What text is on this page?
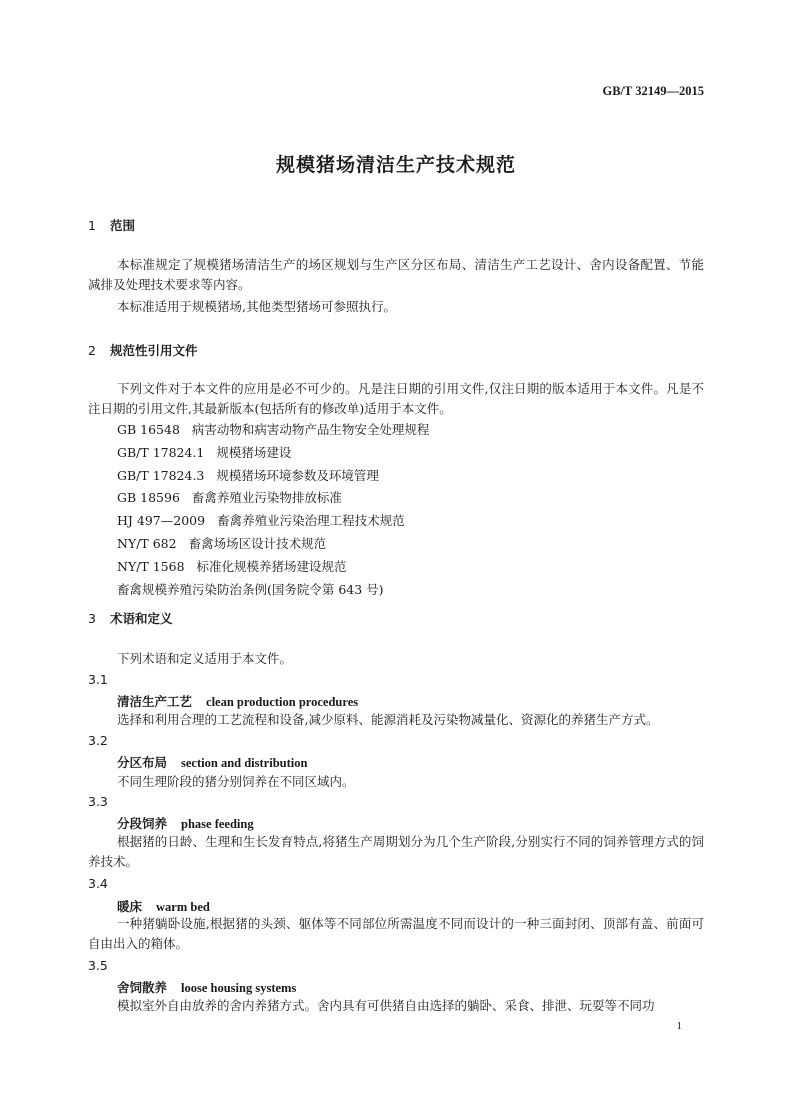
GB/T 32149—2015
规模猪场清洁生产技术规范
1 范围
本标准规定了规模猪场清洁生产的场区规划与生产区分区布局、清洁生产工艺设计、舍内设备配置、节能减排及处理技术要求等内容。
本标准适用于规模猪场,其他类型猪场可参照执行。
2 规范性引用文件
下列文件对于本文件的应用是必不可少的。凡是注日期的引用文件,仅注日期的版本适用于本文件。凡是不注日期的引用文件,其最新版本(包括所有的修改单)适用于本文件。
GB 16548 病害动物和病害动物产品生物安全处理规程
GB/T 17824.1 规模猪场建设
GB/T 17824.3 规模猪场环境参数及环境管理
GB 18596 畜禽养殖业污染物排放标准
HJ 497—2009 畜禽养殖业污染治理工程技术规范
NY/T 682 畜禽场场区设计技术规范
NY/T 1568 标准化规模养猪场建设规范
畜禽规模养殖污染防治条例(国务院令第 643 号)
3 术语和定义
下列术语和定义适用于本文件。
3.1
清洁生产工艺 clean production procedures
选择和利用合理的工艺流程和设备,减少原料、能源消耗及污染物减量化、资源化的养猪生产方式。
3.2
分区布局 section and distribution
不同生理阶段的猪分别饲养在不同区域内。
3.3
分段饲养 phase feeding
根据猪的日龄、生理和生长发育特点,将猪生产周期划分为几个生产阶段,分别实行不同的饲养管理方式的饲养技术。
3.4
暖床 warm bed
一种猪躺卧设施,根据猪的头颈、躯体等不同部位所需温度不同而设计的一种三面封闭、顶部有盖、前面可自由出入的箱体。
3.5
舍饲散养 loose housing systems
模拟室外自由放养的舍内养猪方式。舍内具有可供猪自由选择的躺卧、采食、排泄、玩耍等不同功
1
